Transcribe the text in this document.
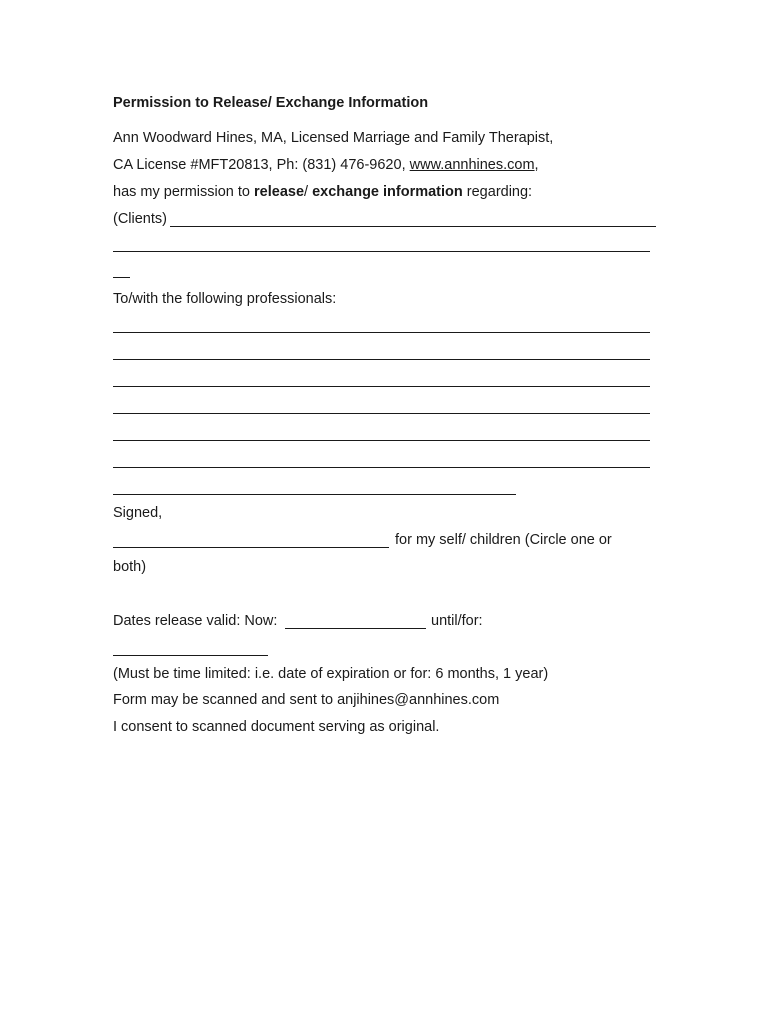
Permission to Release/ Exchange Information

Ann Woodward Hines, MA, Licensed Marriage and Family Therapist,

CA License #MFT20813, Ph: (831) 476-9620, www.annhines.com,

has my permission to release/ exchange information regarding:

(Clients)

To/with the following professionals:

Signed,

for my self/ children (Circle one or

both)

Dates release valid: Now:	until/for:

(Must be time limited: i.e. date of expiration or for: 6 months, 1 year)

Form may be scanned and sent to anjihines@annhines.com

I consent to scanned document serving as original.
